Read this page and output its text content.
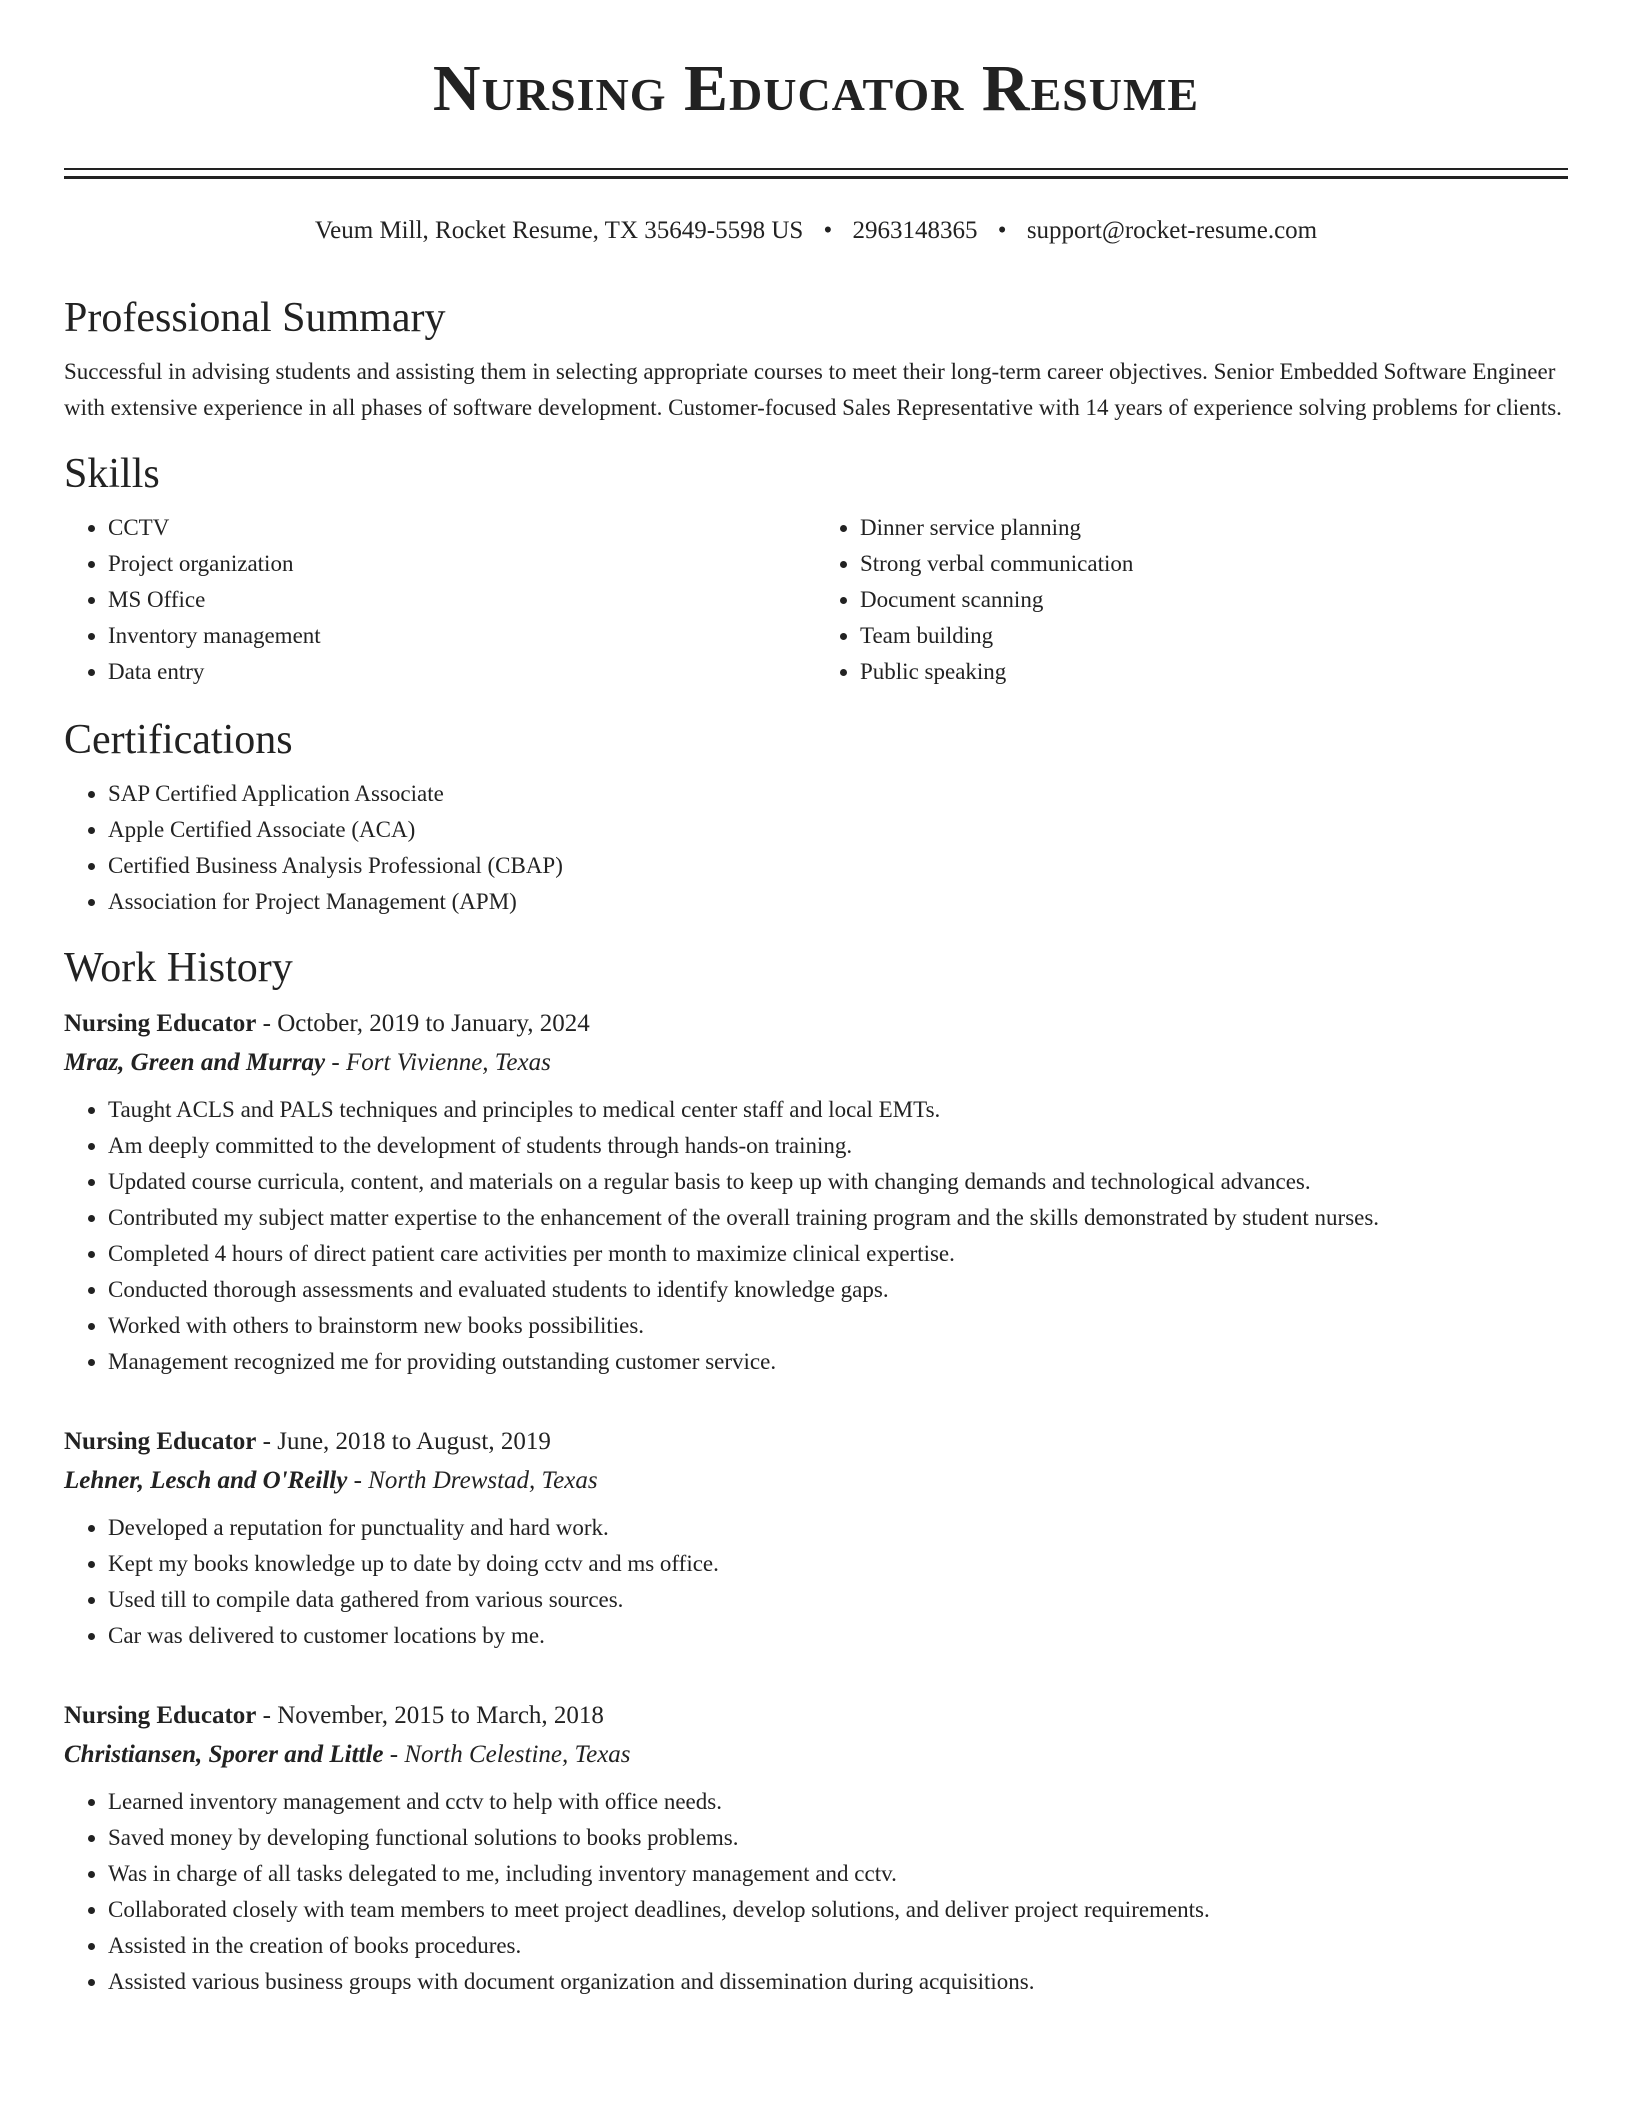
Nursing Educator Resume
Veum Mill, Rocket Resume, TX 35649-5598 US • 2963148365 • support@rocket-resume.com
Professional Summary

Successful in advising students and assisting them in selecting appropriate courses to meet their long-term career objectives. Senior Embedded Software Engineer with extensive experience in all phases of software development. Customer-focused Sales Representative with 14 years of experience solving problems for clients.

Skills
• CCTV
• Project organization
• MS Office
• Inventory management
• Data entry
• Dinner service planning
• Strong verbal communication
• Document scanning
• Team building
• Public speaking
Certifications
• SAP Certified Application Associate
• Apple Certified Associate (ACA)
• Certified Business Analysis Professional (CBAP)
• Association for Project Management (APM)
Work History
Nursing Educator - October, 2019 to January, 2024
Mraz, Green and Murray - Fort Vivienne, Texas
• Taught ACLS and PALS techniques and principles to medical center staff and local EMTs.
• Am deeply committed to the development of students through hands-on training.
• Updated course curricula, content, and materials on a regular basis to keep up with changing demands and technological advances.
• Contributed my subject matter expertise to the enhancement of the overall training program and the skills demonstrated by student nurses.
• Completed 4 hours of direct patient care activities per month to maximize clinical expertise.
• Conducted thorough assessments and evaluated students to identify knowledge gaps.
• Worked with others to brainstorm new books possibilities.
• Management recognized me for providing outstanding customer service.
Nursing Educator - June, 2018 to August, 2019
Lehner, Lesch and O'Reilly - North Drewstad, Texas
• Developed a reputation for punctuality and hard work.
• Kept my books knowledge up to date by doing cctv and ms office.
• Used till to compile data gathered from various sources.
• Car was delivered to customer locations by me.
Nursing Educator - November, 2015 to March, 2018
Christiansen, Sporer and Little - North Celestine, Texas
• Learned inventory management and cctv to help with office needs.
• Saved money by developing functional solutions to books problems.
• Was in charge of all tasks delegated to me, including inventory management and cctv.
• Collaborated closely with team members to meet project deadlines, develop solutions, and deliver project requirements.
• Assisted in the creation of books procedures.
• Assisted various business groups with document organization and dissemination during acquisitions.
